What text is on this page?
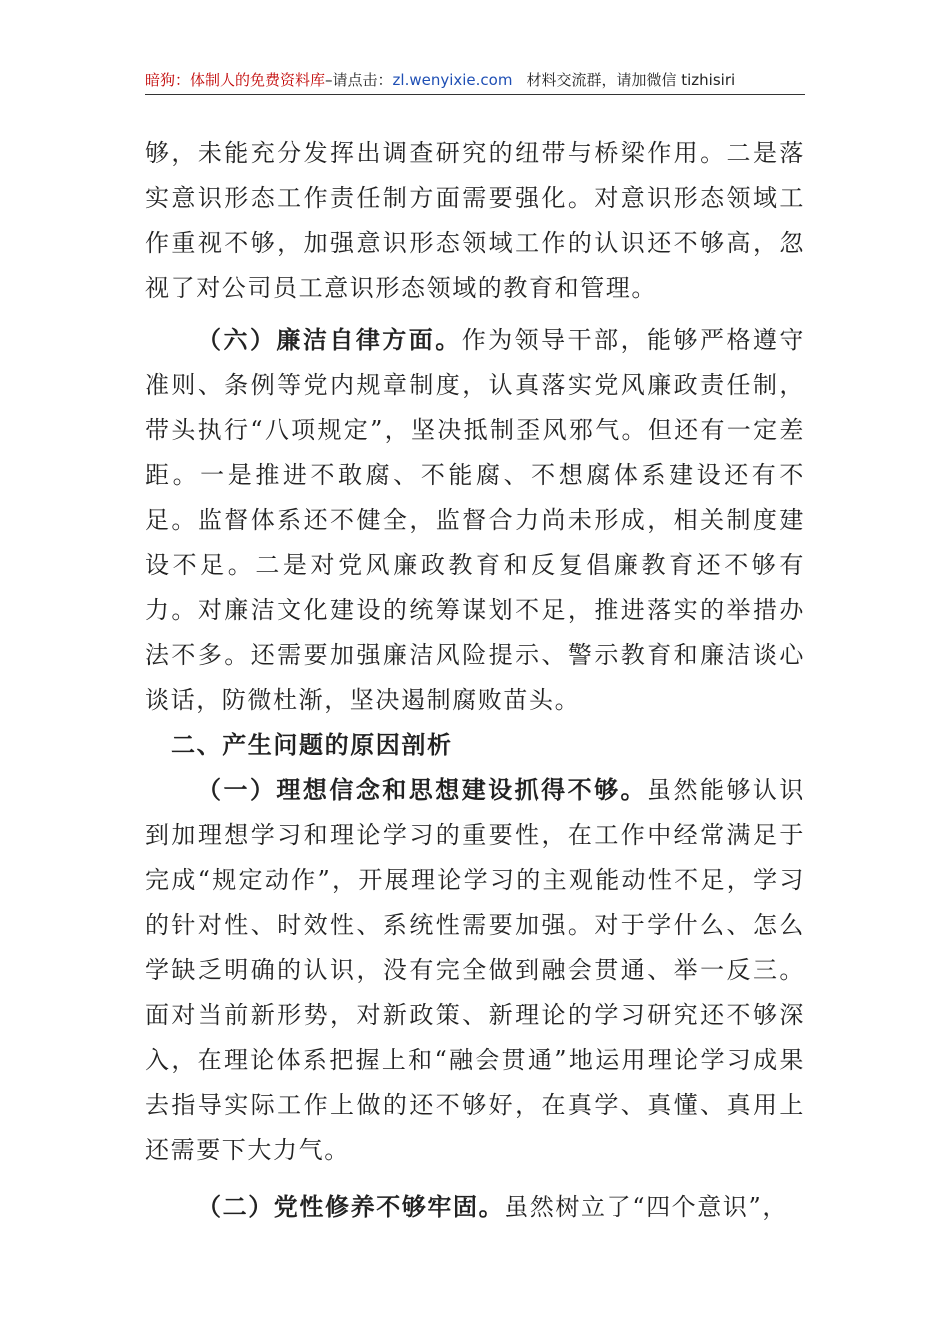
暗狗：体制人的免费资料库–请点击：zl.wenyixie.com 材料交流群，请加微信 tizhisiri

够，未能充分发挥出调查研究的纽带与桥梁作用。二是落实意识形态工作责任制方面需要强化。对意识形态领域工作重视不够，加强意识形态领域工作的认识还不够高，忽视了对公司员工意识形态领域的教育和管理。

（六）廉洁自律方面。作为领导干部，能够严格遵守准则、条例等党内规章制度，认真落实党风廉政责任制，带头执行“八项规定”，坚决抵制歪风邪气。但还有一定差距。一是推进不敢腐、不能腐、不想腐体系建设还有不足。监督体系还不健全，监督合力尚未形成，相关制度建设不足。二是对党风廉政教育和反复倡廉教育还不够有力。对廉洁文化建设的统筹谋划不足，推进落实的举措办法不多。还需要加强廉洁风险提示、警示教育和廉洁谈心谈话，防微杜渐，坚决遏制腐败苗头。

二、产生问题的原因剖析

（一）理想信念和思想建设抓得不够。虽然能够认识到加理想学习和理论学习的重要性，在工作中经常满足于完成“规定动作”，开展理论学习的主观能动性不足，学习的针对性、时效性、系统性需要加强。对于学什么、怎么学缺乏明确的认识，没有完全做到融会贯通、举一反三。面对当前新形势，对新政策、新理论的学习研究还不够深入，在理论体系把握上和“融会贯通”地运用理论学习成果去指导实际工作上做的还不够好，在真学、真懂、真用上还需要下大力气。

（二）党性修养不够牢固。虽然树立了“四个意识”，
